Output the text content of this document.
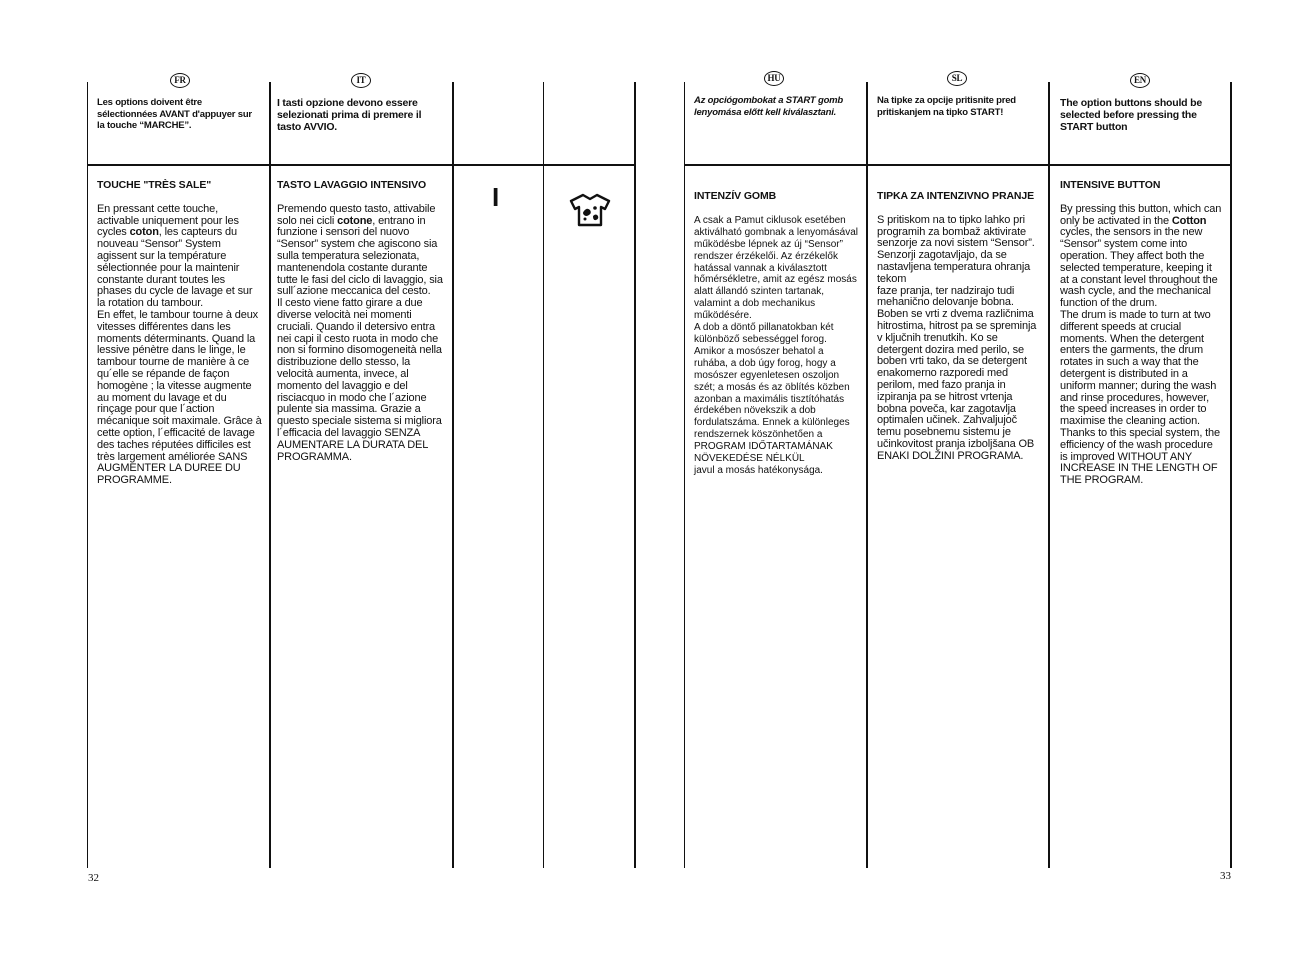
FR
Les options doivent être sélectionnées AVANT d'appuyer sur la touche “MARCHE”.
TOUCHE "TRÈS SALE"
En pressant cette touche, activable uniquement pour les cycles coton, les capteurs du nouveau “Sensor” System agissent sur la température sélectionnée pour la maintenir constante durant toutes les phases du cycle de lavage et sur la rotation du tambour.
En effet, le tambour tourne à deux vitesses différentes dans les moments déterminants. Quand la lessive pénètre dans le linge, le tambour tourne de manière à ce qu´elle se répande de façon homogène ; la vitesse augmente au moment du lavage et du rinçage pour que l´action mécanique soit maximale. Grâce à cette option, l´efficacité de lavage des taches réputées difficiles est très largement améliorée SANS AUGMENTER LA DUREE DU PROGRAMME.
IT
I tasti opzione devono essere selezionati prima di premere il tasto AVVIO.
TASTO LAVAGGIO INTENSIVO
Premendo questo tasto, attivabile solo nei cicli cotone, entrano in funzione i sensori del nuovo “Sensor” system che agiscono sia sulla temperatura selezionata, mantenendola costante durante tutte le fasi del ciclo di lavaggio, sia sull´azione meccanica del cesto.
Il cesto viene fatto girare a due diverse velocità nei momenti cruciali. Quando il detersivo entra nei capi il cesto ruota in modo che non si formino disomogeneità nella distribuzione dello stesso, la velocità aumenta, invece, al momento del lavaggio e del risciacquo in modo che l´azione pulente sia massima. Grazie a questo speciale sistema si migliora l´efficacia del lavaggio SENZA AUMENTARE LA DURATA DEL PROGRAMMA.
I
32
HU
Az opciógombokat a START gomb lenyomása előtt kell kiválasztani.
INTENZÍV GOMB
A csak a Pamut ciklusok esetében aktiválható gombnak a lenyomásával működésbe lépnek az új “Sensor” rendszer érzékelői. Az érzékelők hatással vannak a kiválasztott hőmérsékletre, amit az egész mosás alatt állandó szinten tartanak, valamint a dob mechanikus működésére.
A dob a döntő pillanatokban két különböző sebességgel forog. Amikor a mosószer behatol a ruhába, a dob úgy forog, hogy a mosószer egyenletesen oszoljon
szét; a mosás és az öblítés közben azonban a maximális tisztítóhatás érdekében növekszik a dob fordulatszáma. Ennek a különleges rendszernek köszönhetően a PROGRAM IDŐTARTAMÁNAK NÖVEKEDÉSE NÉLKÜL
javul a mosás hatékonysága.
SL
Na tipke za opcije pritisnite pred pritiskanjem na tipko START!
TIPKA ZA INTENZIVNO PRANJE
S pritiskom na to tipko lahko pri programih za bombaž aktivirate senzorje za novi sistem “Sensor”. Senzorji zagotavljajo, da se nastavljena temperatura ohranja tekom
faze pranja, ter nadzirajo tudi mehanično delovanje bobna.
Boben se vrti z dvema različnima hitrostima, hitrost pa se spreminja v ključnih trenutkih. Ko se detergent dozira med perilo, se boben vrti tako, da se detergent enakomerno razporedi med perilom, med fazo pranja in izpiranja pa se hitrost vrtenja bobna poveča, kar zagotavlja optimalen učinek. Zahvaljujoč
temu posebnemu sistemu je učinkovitost pranja izboljšana OB ENAKI DOLŽINI PROGRAMA.
EN
The option buttons should be selected before pressing the START button
INTENSIVE BUTTON
By pressing this button, which can only be activated in the Cotton cycles, the sensors in the new “Sensor” system come into operation. They affect both the selected temperature, keeping it at a constant level throughout the wash cycle, and the mechanical function of the drum.
The drum is made to turn at two different speeds at crucial moments. When the detergent enters the garments, the drum rotates in such a way that the detergent is distributed in a uniform manner; during the wash and rinse procedures, however, the speed increases in order to maximise the cleaning action. Thanks to this special system, the efficiency of the wash procedure is improved WITHOUT ANY INCREASE IN THE LENGTH OF THE PROGRAM.
33
